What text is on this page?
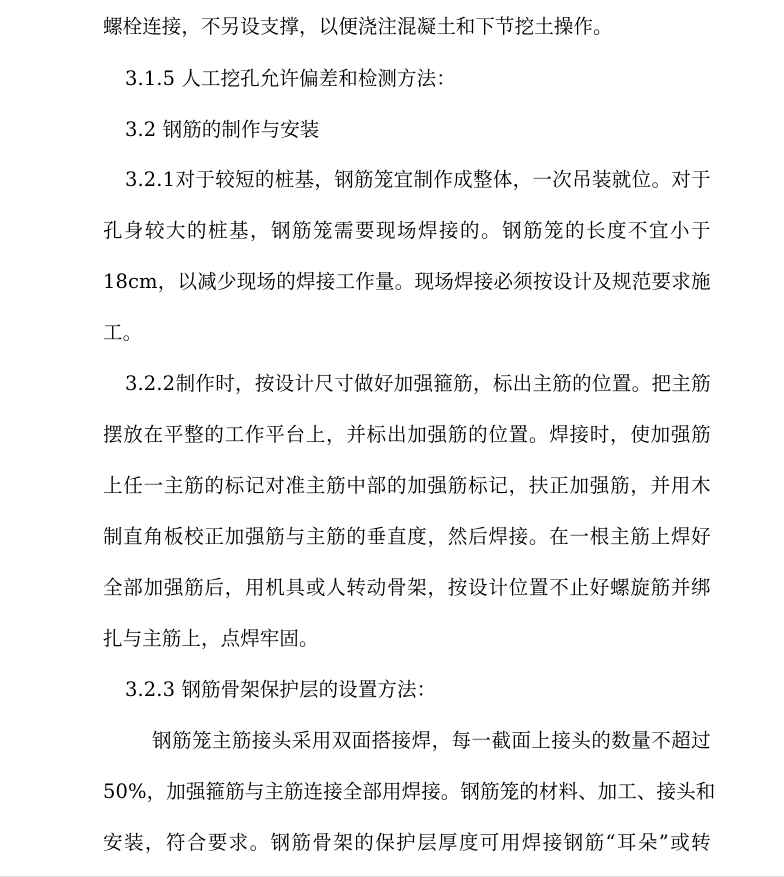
螺栓连接，不另设支撑，以便浇注混凝土和下节挖土操作。
3.1.5 人工挖孔允许偏差和检测方法：
3.2 钢筋的制作与安装
3.2.1 对 于 较 短 的 桩 基 ， 钢 筋 笼 宜 制 作 成 整 体 ， 一 次 吊 装 就 位 。 对 于
孔 身 较 大 的 桩 基 ， 钢 筋 笼 需 要 现 场 焊 接 的 。 钢 筋 笼 的 长 度 不 宜 小 于
18cm ， 以 减 少 现 场 的 焊 接 工 作 量 。 现 场 焊 接 必 须 按 设 计 及 规 范 要 求 施
工。
3.2.2 制 作 时 ， 按 设 计 尺 寸 做 好 加 强 箍 筋 ， 标 出 主 筋 的 位 置 。 把 主 筋
摆 放 在 平 整 的 工 作 平 台 上 ， 并 标 出 加 强 筋 的 位 置 。 焊 接 时 ， 使 加 强 筋
上 任 一 主 筋 的 标 记 对 准 主 筋 中 部 的 加 强 筋 标 记 ， 扶 正 加 强 筋 ， 并 用 木
制 直 角 板 校 正 加 强 筋 与 主 筋 的 垂 直 度 ， 然 后 焊 接 。 在 一 根 主 筋 上 焊 好
全 部 加 强 筋 后 ， 用 机 具 或 人 转 动 骨 架 ， 按 设 计 位 置 不 止 好 螺 旋 筋 并 绑
扎与主筋上，点焊牢固。
3.2.3 钢筋骨架保护层的设置方法：
钢 筋 笼 主 筋 接 头 采 用 双 面 搭 接 焊 ， 每 一 截 面 上 接 头 的 数 量 不 超 过
50% ， 加 强 箍 筋 与 主 筋 连 接 全 部 用 焊 接 。 钢 筋 笼 的 材 料 、 加 工 、 接 头 和
安 装 ， 符 合 要 求 。 钢 筋 骨 架 的 保 护 层 厚 度 可 用 焊 接 钢 筋 “ 耳 朵 ” 或 转
